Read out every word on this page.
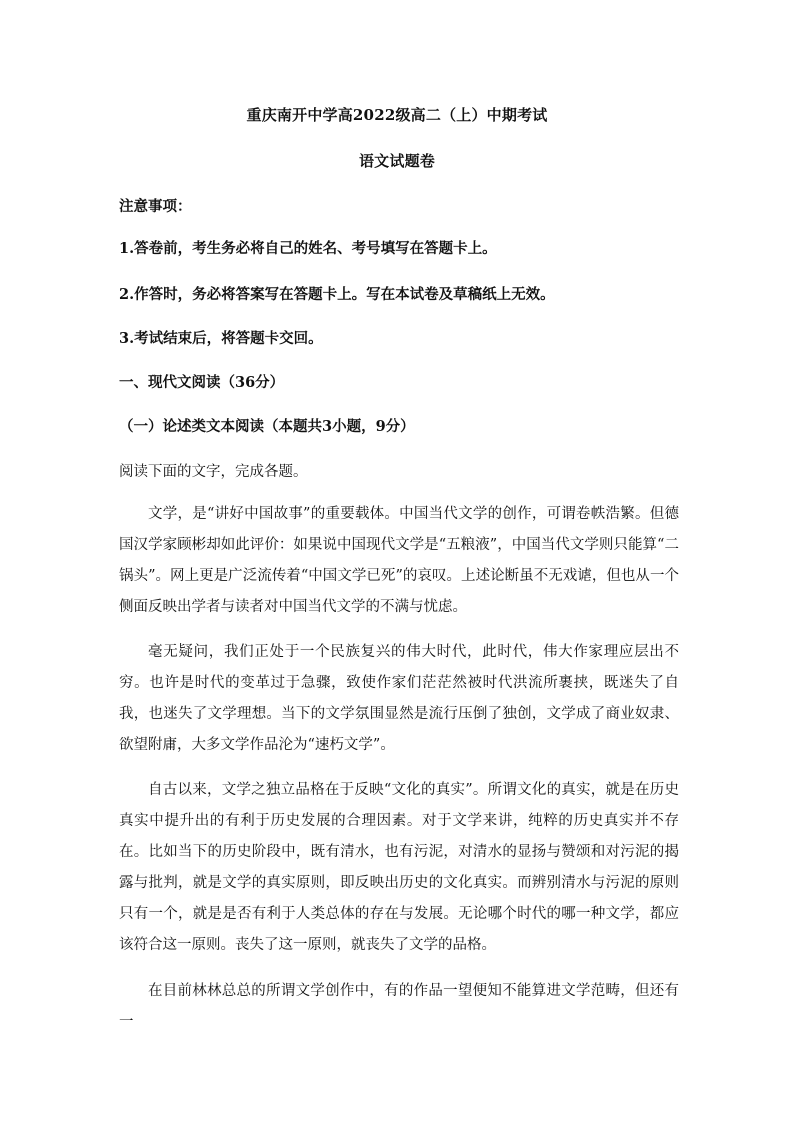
重庆南开中学高2022级高二（上）中期考试
语文试题卷
注意事项：
1.答卷前，考生务必将自己的姓名、考号填写在答题卡上。
2.作答时，务必将答案写在答题卡上。写在本试卷及草稿纸上无效。
3.考试结束后，将答题卡交回。
一、现代文阅读（36分）
（一）论述类文本阅读（本题共3小题，9分）
阅读下面的文字，完成各题。
文学，是“讲好中国故事”的重要载体。中国当代文学的创作，可谓卷帙浩繁。但德国汉学家顾彬却如此评价：如果说中国现代文学是“五粮液”，中国当代文学则只能算“二锅头”。网上更是广泛流传着“中国文学已死”的哀叹。上述论断虽不无戏谑，但也从一个侧面反映出学者与读者对中国当代文学的不满与忧虑。
毫无疑问，我们正处于一个民族复兴的伟大时代，此时代，伟大作家理应层出不穷。也许是时代的变革过于急骤，致使作家们茫茫然被时代洪流所裹挟，既迷失了自我，也迷失了文学理想。当下的文学氛围显然是流行压倒了独创，文学成了商业奴隶、欲望附庸，大多文学作品沦为“速朽文学”。
自古以来，文学之独立品格在于反映“文化的真实”。所谓文化的真实，就是在历史真实中提升出的有利于历史发展的合理因素。对于文学来讲，纯粹的历史真实并不存在。比如当下的历史阶段中，既有清水，也有污泥，对清水的显扬与赞颂和对污泥的揭露与批判，就是文学的真实原则，即反映出历史的文化真实。而辨别清水与污泥的原则只有一个，就是是否有利于人类总体的存在与发展。无论哪个时代的哪一种文学，都应该符合这一原则。丧失了这一原则，就丧失了文学的品格。
在目前林林总总的所谓文学创作中，有的作品一望便知不能算进文学范畴，但还有一
